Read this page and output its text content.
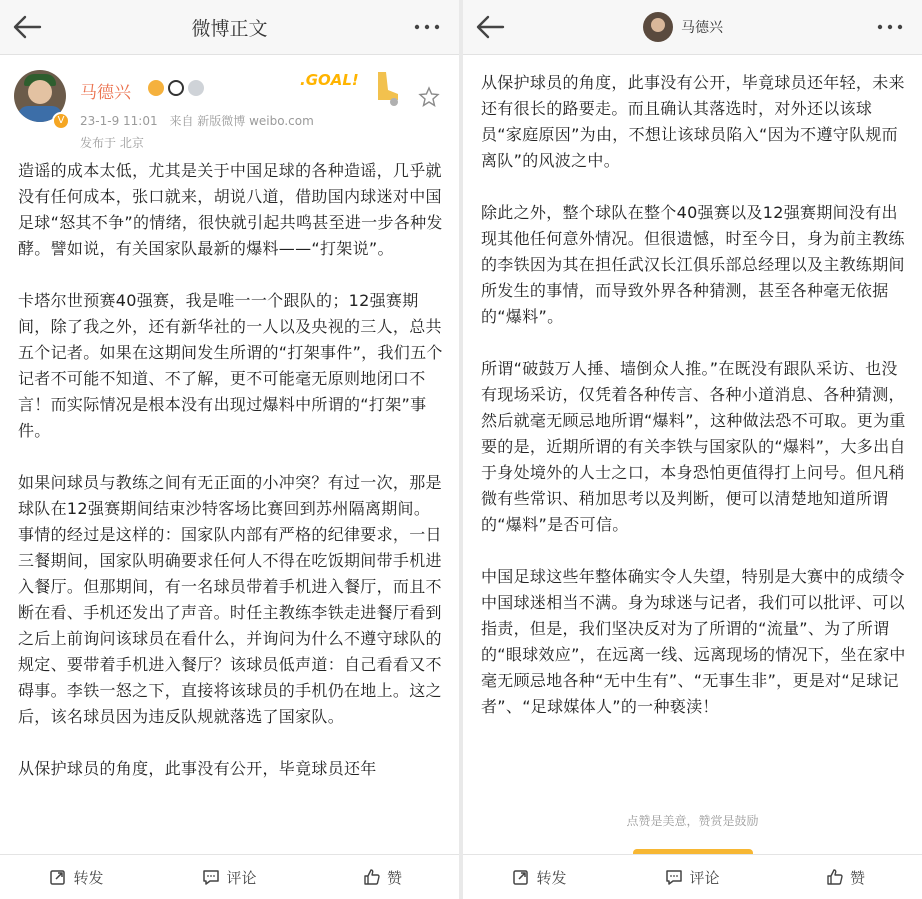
微博正文
V
马德兴
.GOAL!
23-1-9 11:01 来自 新版微博 weibo.com
发布于 北京

造谣的成本太低，尤其是关于中国足球的各种造谣，几乎就没有任何成本，张口就来，胡说八道，借助国内球迷对中国足球“怒其不争”的情绪，很快就引起共鸣甚至进一步各种发酵。譬如说，有关国家队最新的爆料——“打架说”。

卡塔尔世预赛40强赛，我是唯一一个跟队的；12强赛期间，除了我之外，还有新华社的一人以及央视的三人，总共五个记者。如果在这期间发生所谓的“打架事件”，我们五个记者不可能不知道、不了解，更不可能毫无原则地闭口不言！而实际情况是根本没有出现过爆料中所谓的“打架”事件。

如果问球员与教练之间有无正面的小冲突？有过一次，那是球队在12强赛期间结束沙特客场比赛回到苏州隔离期间。事情的经过是这样的：国家队内部有严格的纪律要求，一日三餐期间，国家队明确要求任何人不得在吃饭期间带手机进入餐厅。但那期间，有一名球员带着手机进入餐厅，而且不断在看、手机还发出了声音。时任主教练李铁走进餐厅看到之后上前询问该球员在看什么，并询问为什么不遵守球队的规定、要带着手机进入餐厅？该球员低声道：自己看看又不碍事。李铁一怒之下，直接将该球员的手机仍在地上。这之后，该名球员因为违反队规就落选了国家队。

从保护球员的角度，此事没有公开，毕竟球员还年

转发	评论	赞
马德兴

从保护球员的角度，此事没有公开，毕竟球员还年轻，未来还有很长的路要走。而且确认其落选时，对外还以该球员“家庭原因”为由，不想让该球员陷入“因为不遵守队规而离队”的风波之中。

除此之外，整个球队在整个40强赛以及12强赛期间没有出现其他任何意外情况。但很遗憾，时至今日，身为前主教练的李铁因为其在担任武汉长江俱乐部总经理以及主教练期间所发生的事情，而导致外界各种猜测，甚至各种毫无依据的“爆料”。

所谓“破鼓万人捶、墙倒众人推。”在既没有跟队采访、也没有现场采访，仅凭着各种传言、各种小道消息、各种猜测，然后就毫无顾忌地所谓“爆料”，这种做法恐不可取。更为重要的是，近期所谓的有关李铁与国家队的“爆料”，大多出自于身处境外的人士之口，本身恐怕更值得打上问号。但凡稍微有些常识、稍加思考以及判断，便可以清楚地知道所谓的“爆料”是否可信。

中国足球这些年整体确实令人失望，特别是大赛中的成绩令中国球迷相当不满。身为球迷与记者，我们可以批评、可以指责，但是，我们坚决反对为了所谓的“流量”、为了所谓的“眼球效应”，在远离一线、远离现场的情况下，坐在家中毫无顾忌地各种“无中生有”、“无事生非”，更是对“足球记者”、“足球媒体人”的一种亵渎！

点赞是美意，赞赏是鼓励
转发	评论	赞
